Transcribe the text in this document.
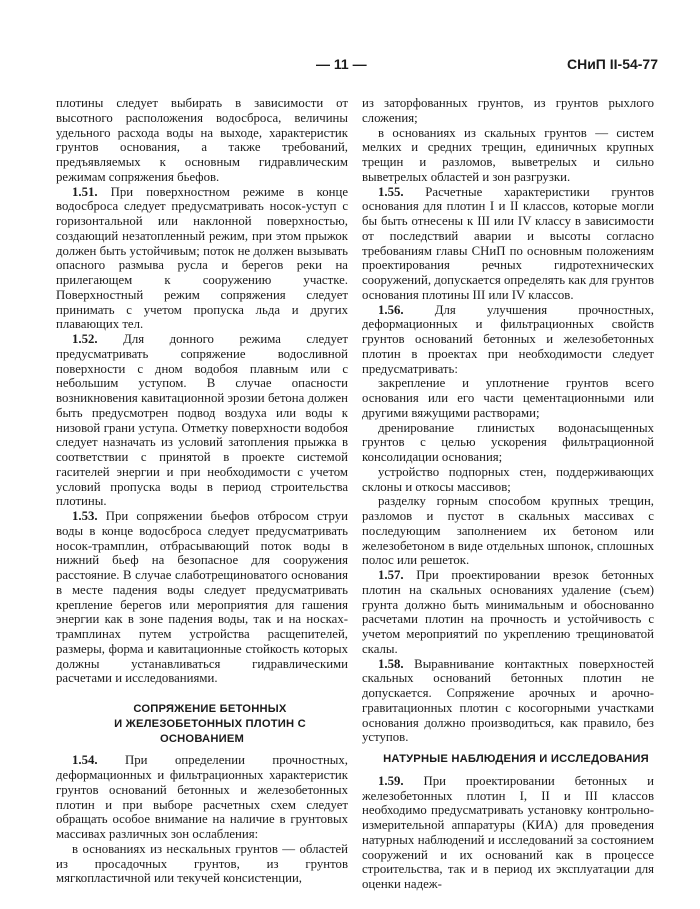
— 11 —	СНиП II-54-77

плотины следует выбирать в зависимости от высотного расположения водосброса, величины удельного расхода воды на выходе, характеристик грунтов основания, а также требований, предъявляемых к основным гидравлическим режимам сопряжения бьефов.

1.51. При поверхностном режиме в конце водосброса следует предусматривать носок-уступ с горизонтальной или наклонной поверхностью, создающий незатопленный режим, при этом прыжок должен быть устойчивым; поток не должен вызывать опасного размыва русла и берегов реки на прилегающем к сооружению участке. Поверхностный режим сопряжения следует принимать с учетом пропуска льда и других плавающих тел.

1.52. Для донного режима следует предусматривать сопряжение водосливной поверхности с дном водобоя плавным или с небольшим уступом. В случае опасности возникновения кавитационной эрозии бетона должен быть предусмотрен подвод воздуха или воды к низовой грани уступа. Отметку поверхности водобоя следует назначать из условий затопления прыжка в соответствии с принятой в проекте системой гасителей энергии и при необходимости с учетом условий пропуска воды в период строительства плотины.

1.53. При сопряжении бьефов отбросом струи воды в конце водосброса следует предусматривать носок-трамплин, отбрасывающий поток воды в нижний бьеф на безопасное для сооружения расстояние. В случае слаботрещиноватого основания в месте падения воды следует предусматривать крепление берегов или мероприятия для гашения энергии как в зоне падения воды, так и на носках-трамплинах путем устройства расщепителей, размеры, форма и кавитационные стойкость которых должны устанавливаться гидравлическими расчетами и исследованиями.

СОПРЯЖЕНИЕ БЕТОННЫХ

И ЖЕЛЕЗОБЕТОННЫХ ПЛОТИН С ОСНОВАНИЕМ

1.54. При определении прочностных, деформационных и фильтрационных характеристик грунтов оснований бетонных и железобетонных плотин и при выборе расчетных схем следует обращать особое внимание на наличие в грунтовых массивах различных зон ослабления:

в основаниях из нескальных грунтов — областей из просадочных грунтов, из грунтов мягкопластичной или текучей консистенции,

из заторфованных грунтов, из грунтов рыхлого сложения;

в основаниях из скальных грунтов — систем мелких и средних трещин, единичных крупных трещин и разломов, выветрелых и сильно выветрелых областей и зон разгрузки.

1.55. Расчетные характеристики грунтов основания для плотин I и II классов, которые могли бы быть отнесены к III или IV классу в зависимости от последствий аварии и высоты согласно требованиям главы СНиП по основным положениям проектирования речных гидротехнических сооружений, допускается определять как для грунтов основания плотины III или IV классов.

1.56. Для улучшения прочностных, деформационных и фильтрационных свойств грунтов оснований бетонных и железобетонных плотин в проектах при необходимости следует предусматривать:

закрепление и уплотнение грунтов всего основания или его части цементационными или другими вяжущими растворами;

дренирование глинистых водонасыщенных грунтов с целью ускорения фильтрационной консолидации основания;

устройство подпорных стен, поддерживающих склоны и откосы массивов;

разделку горным способом крупных трещин, разломов и пустот в скальных массивах с последующим заполнением их бетоном или железобетоном в виде отдельных шпонок, сплошных полос или решеток.

1.57. При проектировании врезок бетонных плотин на скальных основаниях удаление (съем) грунта должно быть минимальным и обоснованно расчетами плотин на прочность и устойчивость с учетом мероприятий по укреплению трещиноватой скалы.

1.58. Выравнивание контактных поверхностей скальных оснований бетонных плотин не допускается. Сопряжение арочных и арочно-гравитационных плотин с косогорными участками основания должно производиться, как правило, без уступов.

НАТУРНЫЕ НАБЛЮДЕНИЯ И ИССЛЕДОВАНИЯ

1.59. При проектировании бетонных и железобетонных плотин I, II и III классов необходимо предусматривать установку контрольно-измерительной аппаратуры (КИА) для проведения натурных наблюдений и исследований за состоянием сооружений и их оснований как в процессе строительства, так и в период их эксплуатации для оценки надеж-
